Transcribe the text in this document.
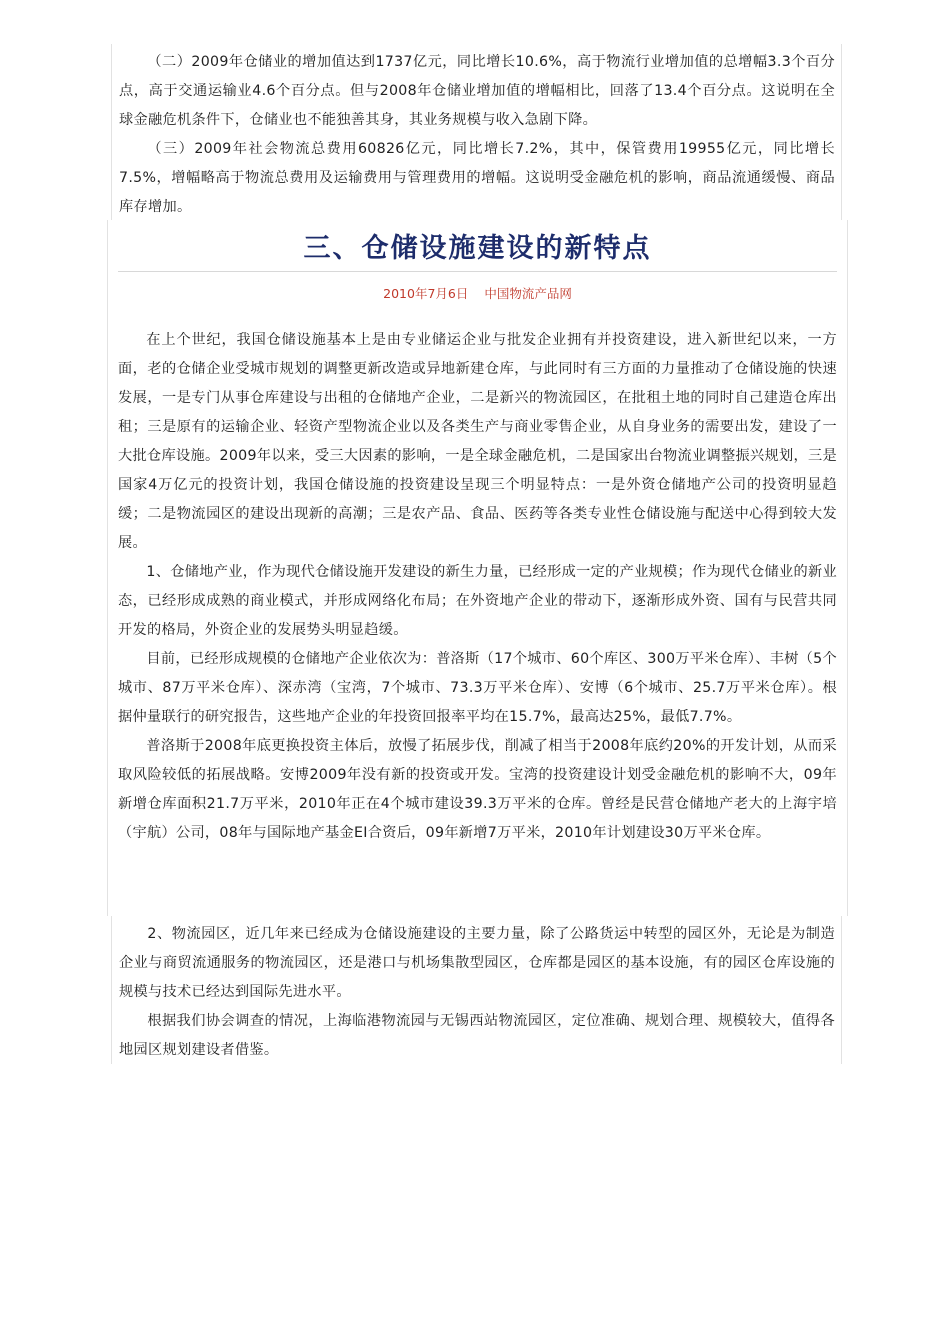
（二）2009年仓储业的增加值达到1737亿元，同比增长10.6%，高于物流行业增加值的总增幅3.3个百分点，高于交通运输业4.6个百分点。但与2008年仓储业增加值的增幅相比，回落了13.4个百分点。这说明在全球金融危机条件下，仓储业也不能独善其身，其业务规模与收入急剧下降。

（三）2009年社会物流总费用60826亿元，同比增长7.2%，其中，保管费用19955亿元，同比增长7.5%，增幅略高于物流总费用及运输费用与管理费用的增幅。这说明受金融危机的影响，商品流通缓慢、商品库存增加。

三、仓储设施建设的新特点
2010年7月6日 中国物流产品网

在上个世纪，我国仓储设施基本上是由专业储运企业与批发企业拥有并投资建设，进入新世纪以来，一方面，老的仓储企业受城市规划的调整更新改造或异地新建仓库，与此同时有三方面的力量推动了仓储设施的快速发展，一是专门从事仓库建设与出租的仓储地产企业，二是新兴的物流园区，在批租土地的同时自己建造仓库出租；三是原有的运输企业、轻资产型物流企业以及各类生产与商业零售企业，从自身业务的需要出发，建设了一大批仓库设施。2009年以来，受三大因素的影响，一是全球金融危机，二是国家出台物流业调整振兴规划，三是国家4万亿元的投资计划，我国仓储设施的投资建设呈现三个明显特点：一是外资仓储地产公司的投资明显趋缓；二是物流园区的建设出现新的高潮；三是农产品、食品、医药等各类专业性仓储设施与配送中心得到较大发展。

1、仓储地产业，作为现代仓储设施开发建设的新生力量，已经形成一定的产业规模；作为现代仓储业的新业态，已经形成成熟的商业模式，并形成网络化布局；在外资地产企业的带动下，逐渐形成外资、国有与民营共同开发的格局，外资企业的发展势头明显趋缓。

目前，已经形成规模的仓储地产企业依次为：普洛斯（17个城市、60个库区、300万平米仓库）、丰树（5个城市、87万平米仓库）、深赤湾（宝湾，7个城市、73.3万平米仓库）、安博（6个城市、25.7万平米仓库）。根据仲量联行的研究报告，这些地产企业的年投资回报率平均在15.7%，最高达25%，最低7.7%。

普洛斯于2008年底更换投资主体后，放慢了拓展步伐，削减了相当于2008年底约20%的开发计划，从而采取风险较低的拓展战略。安博2009年没有新的投资或开发。宝湾的投资建设计划受金融危机的影响不大，09年新增仓库面积21.7万平米，2010年正在4个城市建设39.3万平米的仓库。曾经是民营仓储地产老大的上海宇培（宇航）公司，08年与国际地产基金EI合资后，09年新增7万平米，2010年计划建设30万平米仓库。

2、物流园区，近几年来已经成为仓储设施建设的主要力量，除了公路货运中转型的园区外，无论是为制造企业与商贸流通服务的物流园区，还是港口与机场集散型园区，仓库都是园区的基本设施，有的园区仓库设施的规模与技术已经达到国际先进水平。

根据我们协会调查的情况，上海临港物流园与无锡西站物流园区，定位准确、规划合理、规模较大，值得各地园区规划建设者借鉴。
